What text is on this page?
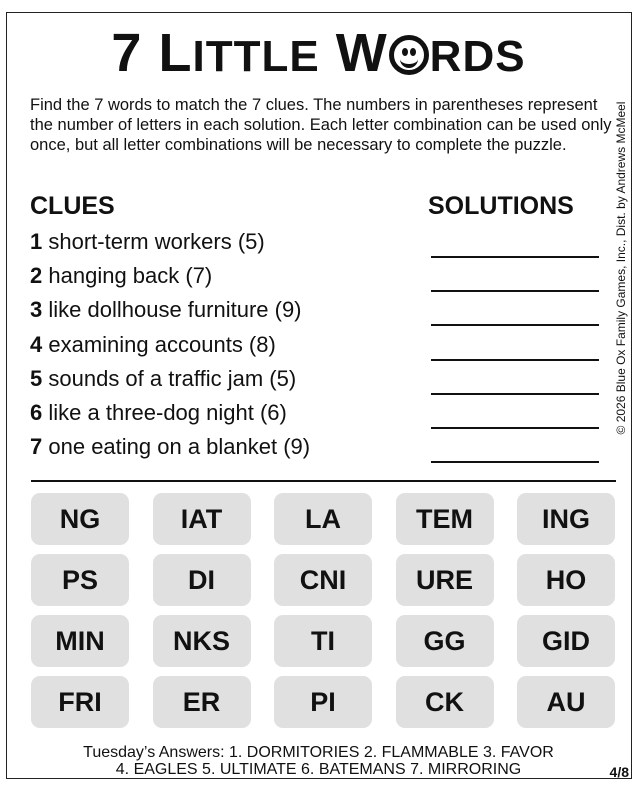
7 LITTLE W RDS
Find the 7 words to match the 7 clues. The numbers in parentheses represent the number of letters in each solution. Each letter combination can be used only once, but all letter combinations will be necessary to complete the puzzle.	© 2026 Blue Ox Family Games, Inc., Dist. by Andrews McMeel
CLUES	SOLUTIONS
1 short-term workers (5)
2 hanging back (7)
3 like dollhouse furniture (9)
4 examining accounts (8)
5 sounds of a traffic jam (5)
6 like a three-dog night (6)
7 one eating on a blanket (9)
NG	IAT	LA	TEM	ING
PS	DI	CNI	URE	HO
MIN	NKS	TI	GG	GID
FRI	ER	PI	CK	AU
Tuesday’s Answers: 1. DORMITORIES 2. FLAMMABLE 3. FAVOR
4. EAGLES 5. ULTIMATE 6. BATEMANS 7. MIRRORING	4/8
